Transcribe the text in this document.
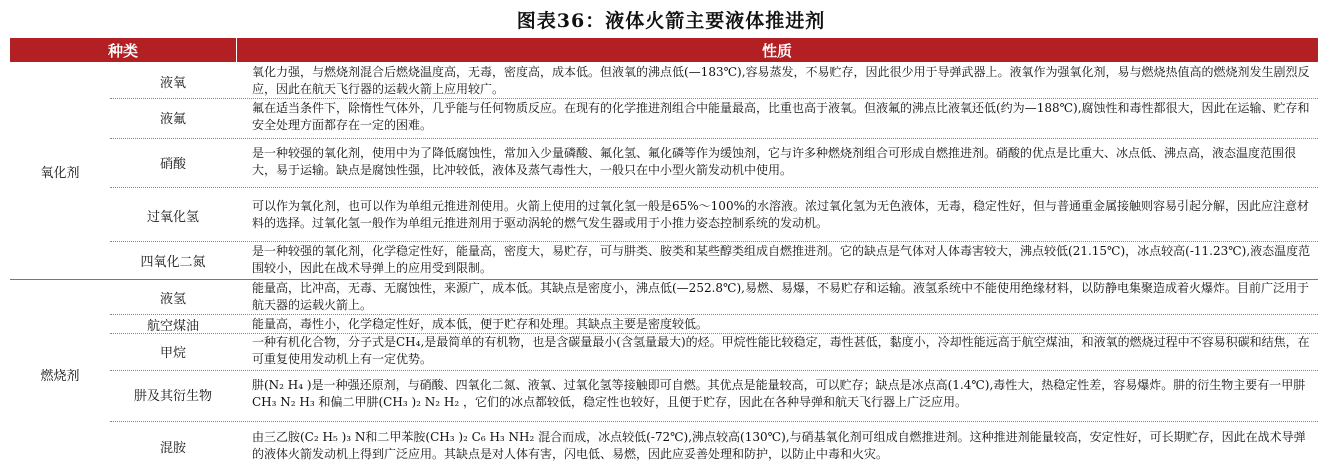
图表36：液体火箭主要液体推进剂
种类	性质
氧化剂
燃烧剂
液氧
液氟
硝酸
过氧化氢
四氧化二氮
液氢
航空煤油
甲烷
肼及其衍生物
混胺
氧化力强，与燃烧剂混合后燃烧温度高，无毒，密度高，成本低。但液氧的沸点低(—183℃),容易蒸发，不易贮存，因此很少用于导弹武器上。液氧作为强氧化剂，易与燃烧热值高的燃烧剂发生剧烈反应，因此在航天飞行器的运载火箭上应用较广。
氟在适当条件下，除惰性气体外，几乎能与任何物质反应。在现有的化学推进剂组合中能量最高，比重也高于液氧。但液氟的沸点比液氧还低(约为—188℃),腐蚀性和毒性都很大，因此在运输、贮存和安全处理方面都存在一定的困难。
是一种较强的氧化剂，使用中为了降低腐蚀性，常加入少量磷酸、氟化氢、氟化磷等作为缓蚀剂，它与许多种燃烧剂组合可形成自燃推进剂。硝酸的优点是比重大、冰点低、沸点高，液态温度范围很大，易于运输。缺点是腐蚀性强，比冲较低，液体及蒸气毒性大，一般只在中小型火箭发动机中使用。
可以作为氧化剂，也可以作为单组元推进剂使用。火箭上使用的过氧化氢一般是65%～100%的水溶液。浓过氧化氢为无色液体，无毒，稳定性好，但与普通重金属接触则容易引起分解，因此应注意材料的选择。过氧化氢一般作为单组元推进剂用于驱动涡轮的燃气发生器或用于小推力姿态控制系统的发动机。
是一种较强的氧化剂，化学稳定性好，能量高，密度大，易贮存，可与肼类、胺类和某些醇类组成自燃推进剂。它的缺点是气体对人体毒害较大，沸点较低(21.15℃)，冰点较高(-11.23℃),液态温度范围较小，因此在战术导弹上的应用受到限制。
能量高，比冲高，无毒、无腐蚀性，来源广，成本低。其缺点是密度小，沸点低(—252.8℃),易燃、易爆，不易贮存和运输。液氢系统中不能使用绝缘材料，以防静电集聚造成着火爆炸。目前广泛用于航天器的运载火箭上。
能量高，毒性小，化学稳定性好，成本低，便于贮存和处理。其缺点主要是密度较低。
一种有机化合物，分子式是CH₄,是最简单的有机物，也是含碳量最小(含氢量最大)的烃。甲烷性能比较稳定，毒性甚低，黏度小，冷却性能远高于航空煤油，和液氧的燃烧过程中不容易积碳和结焦，在可重复使用发动机上有一定优势。
肼(N₂ H₄ )是一种强还原剂，与硝酸、四氧化二氮、液氧、过氧化氢等接触即可自燃。其优点是能量较高，可以贮存；缺点是冰点高(1.4℃),毒性大，热稳定性差，容易爆炸。肼的衍生物主要有一甲肼CH₃ N₂ H₃ 和偏二甲肼(CH₃ )₂ N₂ H₂ ，它们的冰点都较低，稳定性也较好，且便于贮存，因此在各种导弹和航天飞行器上广泛应用。
由三乙胺(C₂ H₅ )₃ N和二甲苯胺(CH₃ )₂ C₆ H₃ NH₂ 混合而成，冰点较低(-72℃),沸点较高(130℃),与硝基氧化剂可组成自燃推进剂。这种推进剂能量较高，安定性好，可长期贮存，因此在战术导弹的液体火箭发动机上得到广泛应用。其缺点是对人体有害，闪电低、易燃，因此应妥善处理和防护，以防止中毒和火灾。
